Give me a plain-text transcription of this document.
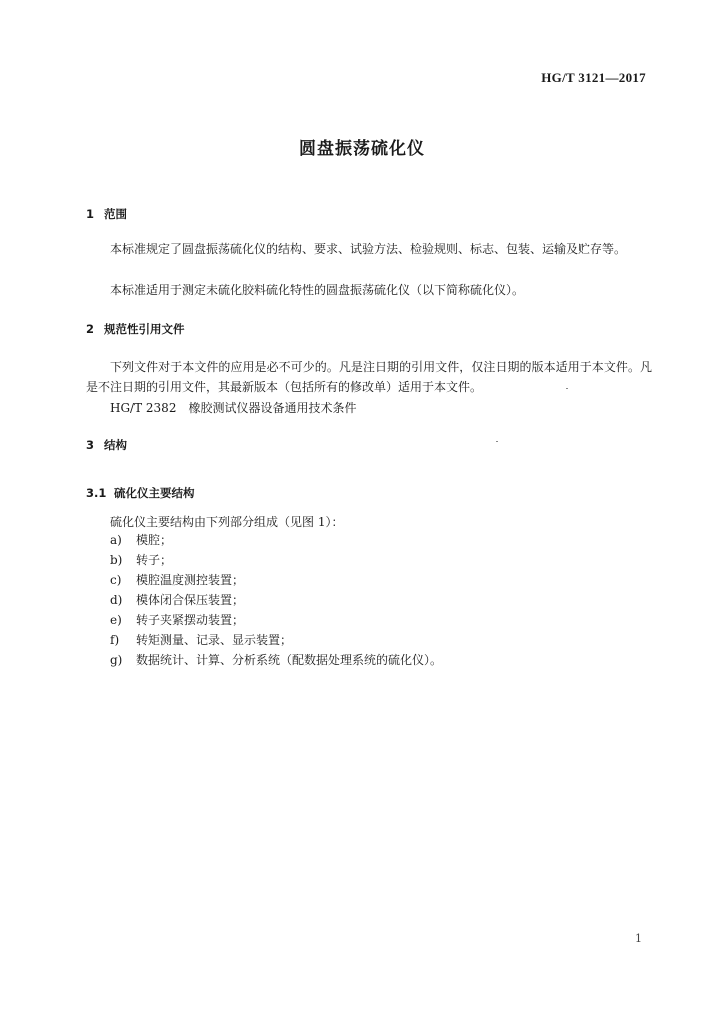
HG/T 3121—2017
圆盘振荡硫化仪
1 范围
本标准规定了圆盘振荡硫化仪的结构、要求、试验方法、检验规则、标志、包装、运输及贮存等。
本标准适用于测定未硫化胶料硫化特性的圆盘振荡硫化仪（以下简称硫化仪）。
2 规范性引用文件
下列文件对于本文件的应用是必不可少的。凡是注日期的引用文件，仅注日期的版本适用于本文件。凡是不注日期的引用文件，其最新版本（包括所有的修改单）适用于本文件。
HG/T 2382　橡胶测试仪器设备通用技术条件
3 结构
3.1 硫化仪主要结构
硫化仪主要结构由下列部分组成（见图 1）：
a) 模腔；
b) 转子；
c) 模腔温度测控装置；
d) 模体闭合保压装置；
e) 转子夹紧摆动装置；
f) 转矩测量、记录、显示装置；
g) 数据统计、计算、分析系统（配数据处理系统的硫化仪）。
1
